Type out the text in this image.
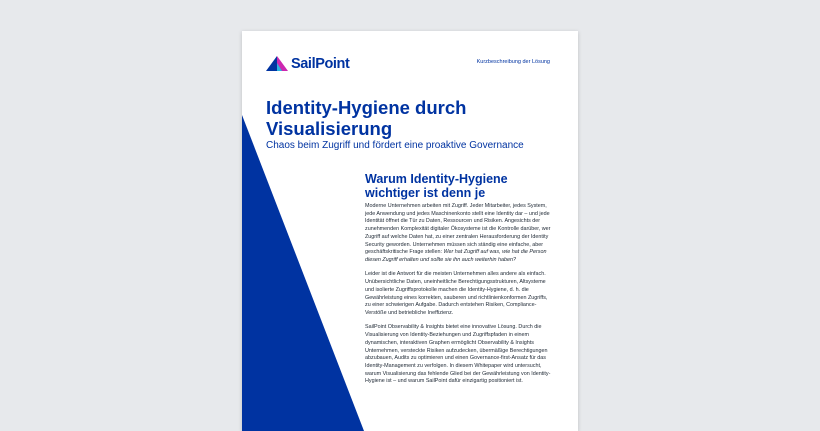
SailPoint	Kurzbeschreibung der Lösung
Identity-Hygiene durch
Visualisierung
Chaos beim Zugriff und fördert eine proaktive Governance
Warum Identity-Hygiene
wichtiger ist denn je

Moderne Unternehmen arbeiten mit Zugriff. Jeder Mitarbeiter, jedes System, jede Anwendung und jedes Maschinenkonto stellt eine Identity dar – und jede Identität öffnet die Tür zu Daten, Ressourcen und Risiken. Angesichts der zunehmenden Komplexität digitaler Ökosysteme ist die Kontrolle darüber, wer Zugriff auf welche Daten hat, zu einer zentralen Herausforderung der Identity Security geworden. Unternehmen müssen sich ständig eine einfache, aber geschäftskritische Frage stellen: Wer hat Zugriff auf was, wie hat die Person diesen Zugriff erhalten und sollte sie ihn auch weiterhin haben?

Leider ist die Antwort für die meisten Unternehmen alles andere als einfach. Unübersichtliche Daten, uneinheitliche Berechtigungsstrukturen, Altsysteme und isolierte Zugriffsprotokolle machen die Identity-Hygiene, d. h. die Gewährleistung eines korrekten, sauberen und richtlinienkonformen Zugriffs, zu einer schwierigen Aufgabe. Dadurch entstehen Risiken, Compliance-Verstöße und betriebliche Ineffizienz.

SailPoint Observability & Insights bietet eine innovative Lösung. Durch die Visualisierung von Identity-Beziehungen und Zugriffspfaden in einem dynamischen, interaktiven Graphen ermöglicht Observability & Insights Unternehmen, versteckte Risiken aufzudecken, übermäßige Berechtigungen abzubauen, Audits zu optimieren und einen Governance-first-Ansatz für das Identity-Management zu verfolgen. In diesem Whitepaper wird untersucht, warum Visualisierung das fehlende Glied bei der Gewährleistung von Identity-Hygiene ist – und warum SailPoint dafür einzigartig positioniert ist.
